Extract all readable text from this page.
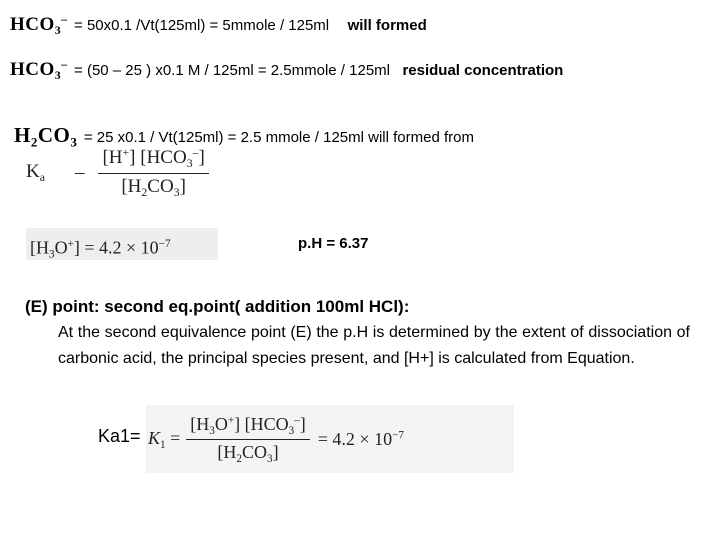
$HCO_3^- = 50x0.1$ /Vt(125ml) = 5mmole / 125ml will formed
$HCO_3^- = (50 - 25$ ) x0.1 M / 125ml = 2.5mmole / 125ml residual concentration
$H_2CO_3 = 25$ x0.1 / Vt(125ml) = 2.5 mmole / 125ml will formed from
$K_a - \frac{[H^+] [HCO_3^-]}{[H_2CO_3]}$
$[H_3O^+] = 4.2 \times 10^{-7}$	p.H = 6.37
(E) point: second eq.point( addition 100ml HCl):
At the second equivalence point (E) the p.H is determined by the extent of dissociation of carbonic acid, the principal species present, and [H+] is calculated from Equation.
$Ka1= K_1 = \frac{[H_3O^+] [HCO_3^-]}{[H_2CO_3]} = 4.2 \times 10^{-7}$
